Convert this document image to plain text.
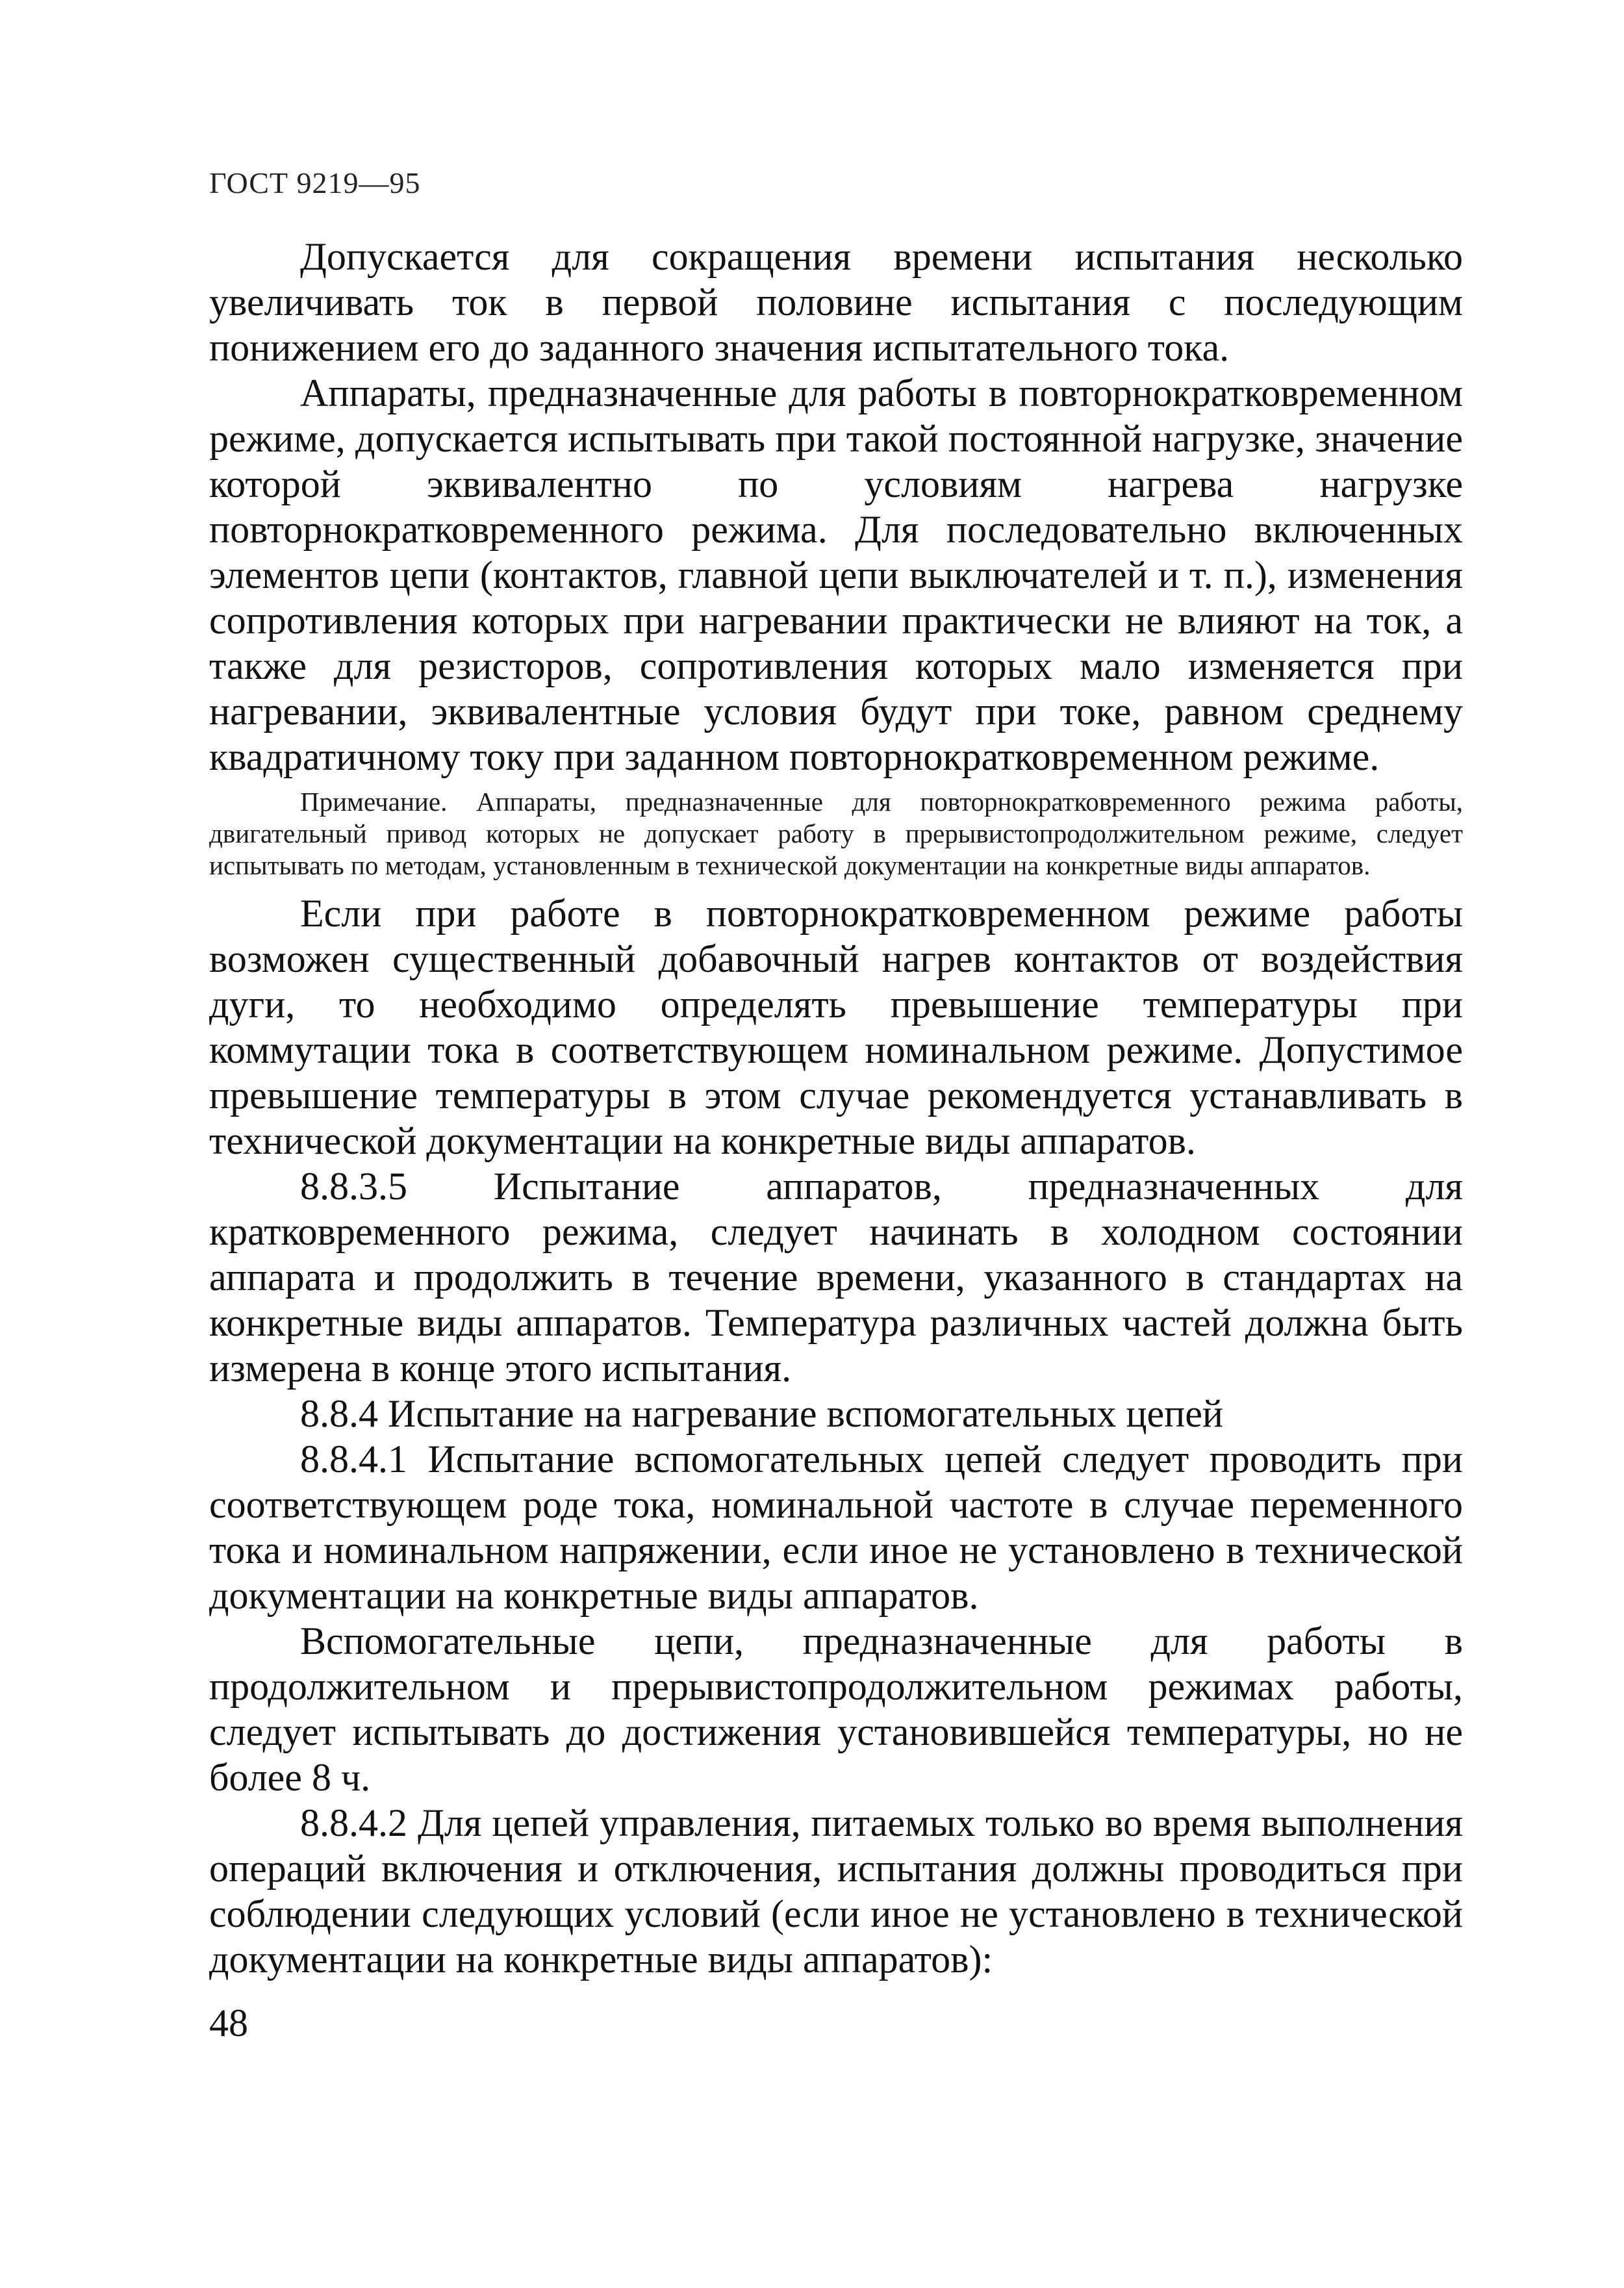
ГОСТ 9219—95

Допускается для сокращения времени испытания несколько увеличивать ток в первой половине испытания с последующим понижением его до заданного значения испытательного тока.

Аппараты, предназначенные для работы в повторнократковременном режиме, допускается испытывать при такой постоянной нагрузке, значение которой эквивалентно по условиям нагрева нагрузке повторнократковременного режима. Для последовательно включенных элементов цепи (контактов, главной цепи выключателей и т. п.), изменения сопротивления которых при нагревании практически не влияют на ток, а также для резисторов, сопротивления которых мало изменяется при нагревании, эквивалентные условия будут при токе, равном среднему квадратичному току при заданном повторнократковременном режиме.

Примечание. Аппараты, предназначенные для повторнократковременного режима работы, двигательный привод которых не допускает работу в прерывистопродолжительном режиме, следует испытывать по методам, установленным в технической документации на конкретные виды аппаратов.

Если при работе в повторнократковременном режиме работы возможен существенный добавочный нагрев контактов от воздействия дуги, то необходимо определять превышение температуры при коммутации тока в соответствующем номинальном режиме. Допустимое превышение температуры в этом случае рекомендуется устанавливать в технической документации на конкретные виды аппаратов.

8.8.3.5 Испытание аппаратов, предназначенных для кратковременного режима, следует начинать в холодном состоянии аппарата и продолжить в течение времени, указанного в стандартах на конкретные виды аппаратов. Температура различных частей должна быть измерена в конце этого испытания.

8.8.4 Испытание на нагревание вспомогательных цепей

8.8.4.1 Испытание вспомогательных цепей следует проводить при соответствующем роде тока, номинальной частоте в случае переменного тока и номинальном напряжении, если иное не установлено в технической документации на конкретные виды аппаратов.

Вспомогательные цепи, предназначенные для работы в продолжительном и прерывистопродолжительном режимах работы, следует испытывать до достижения установившейся температуры, но не более 8 ч.

8.8.4.2 Для цепей управления, питаемых только во время выполнения операций включения и отключения, испытания должны проводиться при соблюдении следующих условий (если иное не установлено в технической документации на конкретные виды аппаратов):

48
